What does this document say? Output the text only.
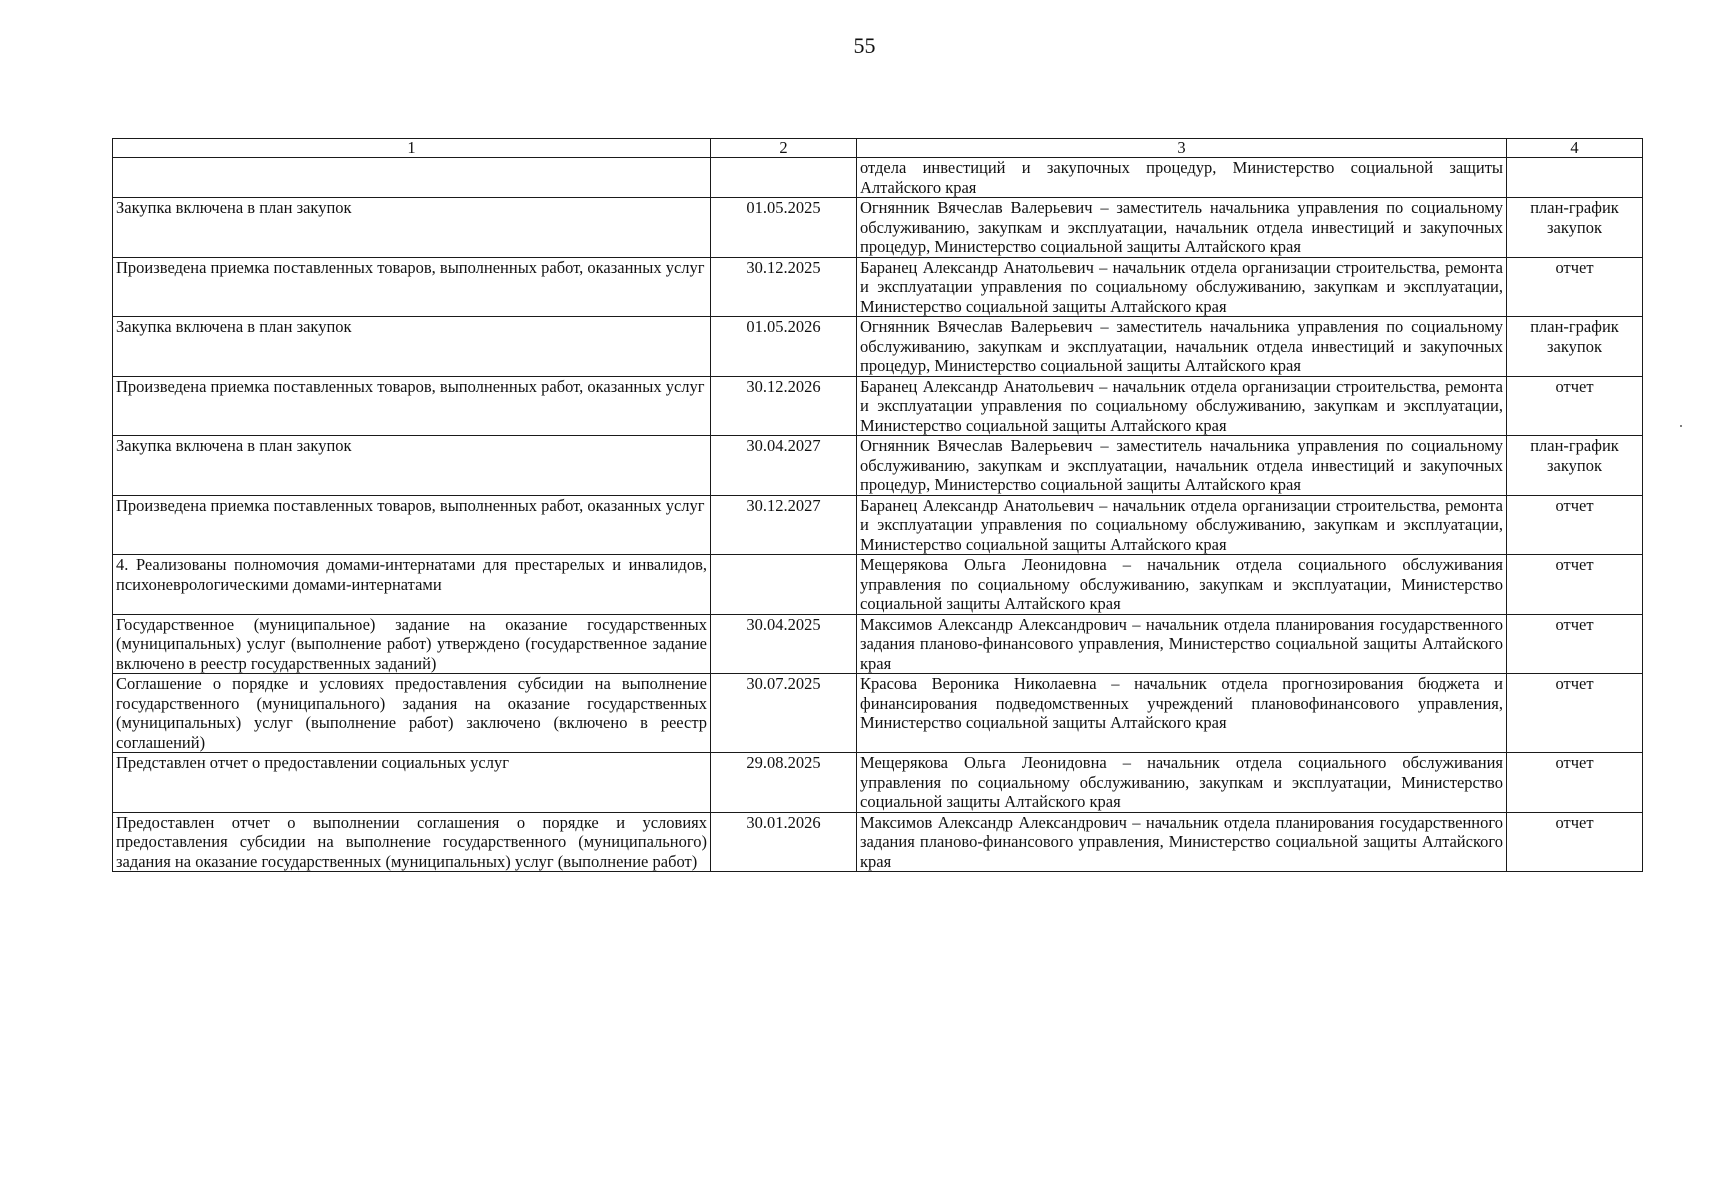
55
1	2	3	4
		отдела инвестиций и закупочных процедур, Министерство социальной защиты Алтайского края	
Закупка включена в план закупок	01.05.2025	Огнянник Вячеслав Валерьевич – заместитель начальника управления по социальному обслуживанию, закупкам и эксплуатации, начальник отдела инвестиций и закупочных процедур, Министерство социальной защиты Алтайского края	план-график закупок
Произведена приемка поставленных товаров, выполненных работ, оказанных услуг	30.12.2025	Баранец Александр Анатольевич – начальник отдела организации строительства, ремонта и эксплуатации управления по социальному обслуживанию, закупкам и эксплуатации, Министерство социальной защиты Алтайского края	отчет
Закупка включена в план закупок	01.05.2026	Огнянник Вячеслав Валерьевич – заместитель начальника управления по социальному обслуживанию, закупкам и эксплуатации, начальник отдела инвестиций и закупочных процедур, Министерство социальной защиты Алтайского края	план-график закупок
Произведена приемка поставленных товаров, выполненных работ, оказанных услуг	30.12.2026	Баранец Александр Анатольевич – начальник отдела организации строительства, ремонта и эксплуатации управления по социальному обслуживанию, закупкам и эксплуатации, Министерство социальной защиты Алтайского края	отчет
Закупка включена в план закупок	30.04.2027	Огнянник Вячеслав Валерьевич – заместитель начальника управления по социальному обслуживанию, закупкам и эксплуатации, начальник отдела инвестиций и закупочных процедур, Министерство социальной защиты Алтайского края	план-график закупок
Произведена приемка поставленных товаров, выполненных работ, оказанных услуг	30.12.2027	Баранец Александр Анатольевич – начальник отдела организации строительства, ремонта и эксплуатации управления по социальному обслуживанию, закупкам и эксплуатации, Министерство социальной защиты Алтайского края	отчет
4. Реализованы полномочия домами-интернатами для престарелых и инвалидов, психоневрологическими домами-интернатами		Мещерякова Ольга Леонидовна – начальник отдела социального обслуживания управления по социальному обслуживанию, закупкам и эксплуатации, Министерство социальной защиты Алтайского края	отчет
Государственное (муниципальное) задание на оказание государственных (муниципальных) услуг (выполнение работ) утверждено (государственное задание включено в реестр государственных заданий)	30.04.2025	Максимов Александр Александрович – начальник отдела планирования государственного задания планово-финансового управления, Министерство социальной защиты Алтайского края	отчет
Соглашение о порядке и условиях предоставления субсидии на выполнение государственного (муниципального) задания на оказание государственных (муниципальных) услуг (выполнение работ) заключено (включено в реестр соглашений)	30.07.2025	Красова Вероника Николаевна – начальник отдела прогнозирования бюджета и финансирования подведомственных учреждений плановофинансового управления, Министерство социальной защиты Алтайского края	отчет
Представлен отчет о предоставлении социальных услуг	29.08.2025	Мещерякова Ольга Леонидовна – начальник отдела социального обслуживания управления по социальному обслуживанию, закупкам и эксплуатации, Министерство социальной защиты Алтайского края	отчет
Предоставлен отчет о выполнении соглашения о порядке и условиях предоставления субсидии на выполнение государственного (муниципального) задания на оказание государственных (муниципальных) услуг (выполнение работ)	30.01.2026	Максимов Александр Александрович – начальник отдела планирования государственного задания планово-финансового управления, Министерство социальной защиты Алтайского края	отчет
